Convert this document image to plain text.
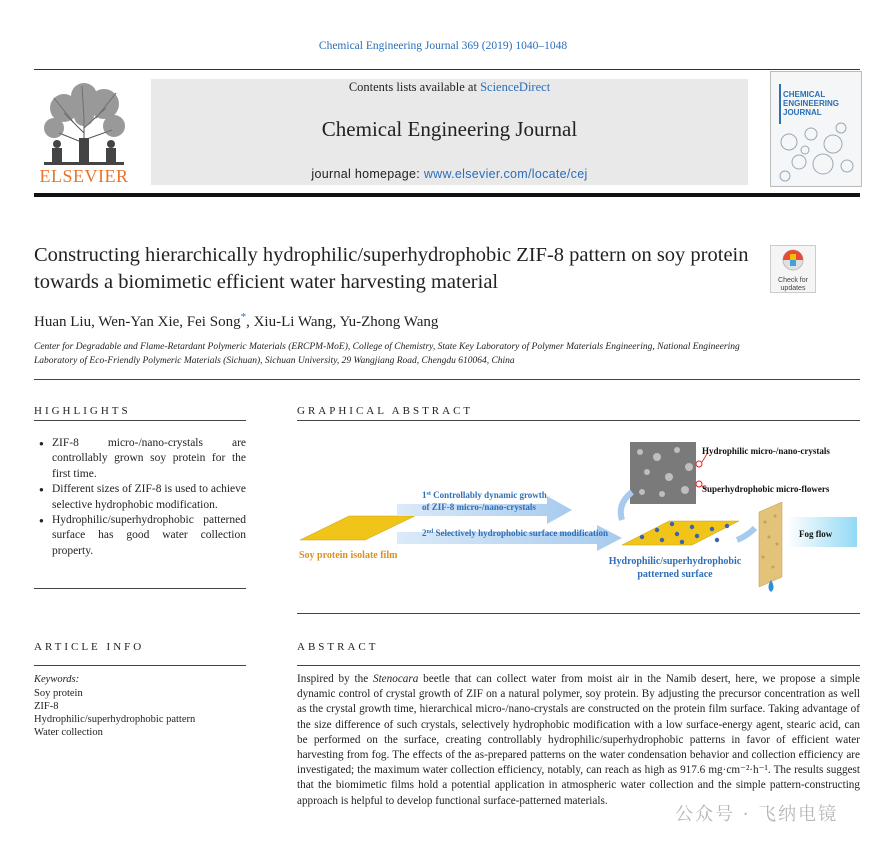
Chemical Engineering Journal 369 (2019) 1040–1048
ELSEVIER
Contents lists available at ScienceDirect
Chemical Engineering Journal
journal homepage: www.elsevier.com/locate/cej
CHEMICAL ENGINEERING JOURNAL
Constructing hierarchically hydrophilic/superhydrophobic ZIF-8 pattern on soy protein towards a biomimetic efficient water harvesting material	Check for updates
Huan Liu, Wen-Yan Xie, Fei Song*, Xiu-Li Wang, Yu-Zhong Wang
Center for Degradable and Flame-Retardant Polymeric Materials (ERCPM-MoE), College of Chemistry, State Key Laboratory of Polymer Materials Engineering, National Engineering Laboratory of Eco-Friendly Polymeric Materials (Sichuan), Sichuan University, 29 Wangjiang Road, Chengdu 610064, China
HIGHLIGHTS	GRAPHICAL ABSTRACT
● ZIF-8 micro-/nano-crystals are controllably grown soy protein for the first time.
● Different sizes of ZIF-8 is used to achieve selective hydrophobic modification.
● Hydrophilic/superhydrophobic patterned surface has good water collection property.	Soy protein isolate film
1st Controllably dynamic growth
of ZIF-8 micro-/nano-crystals
2nd Selectively hydrophobic surface modification
Hydrophilic micro-/nano-crystals
Superhydrophobic micro-flowers
Hydrophilic/superhydrophobic
patterned surface
Fog flow
ARTICLE INFO	ABSTRACT
Keywords:
Soy protein
ZIF-8
Hydrophilic/superhydrophobic pattern
Water collection
Inspired by the Stenocara beetle that can collect water from moist air in the Namib desert, here, we propose a simple dynamic control of crystal growth of ZIF on a natural polymer, soy protein. By adjusting the precursor concentration as well as the crystal growth time, hierarchical micro-/nano-crystals are constructed on the protein film surface. Taking advantage of the size difference of such crystals, selectively hydrophobic modification with a low surface-energy agent, stearic acid, can be performed on the surface, creating controllably hydrophilic/superhydrophobic patterns in favor of efficient water harvesting from fog. The effects of the as-prepared patterns on the water condensation behavior and collection efficiency are investigated; the maximum water collection efficiency, notably, can reach as high as 917.6 mg·cm⁻²·h⁻¹. The results suggest that the biomimetic films hold a potential application in atmospheric water collection and the simple pattern-constructing approach is helpful to develop functional surface-patterned materials.
公众号 · 飞纳电镜
